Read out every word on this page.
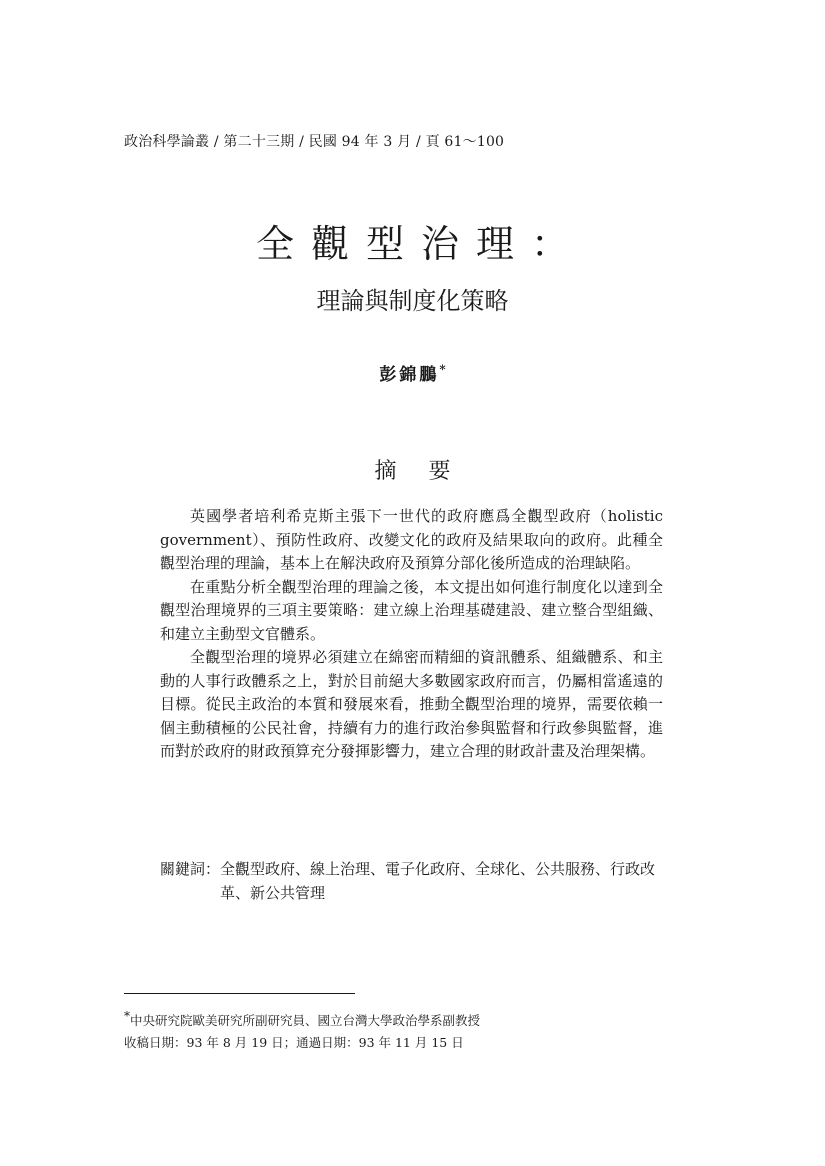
政治科學論叢 / 第二十三期 / 民國 94 年 3 月 / 頁 61～100
全觀型治理：
理論與制度化策略
彭錦鵬*
摘要

英國學者培利希克斯主張下一世代的政府應爲全觀型政府（holistic government）、預防性政府、改變文化的政府及結果取向的政府。此種全觀型治理的理論，基本上在解決政府及預算分部化後所造成的治理缺陷。

在重點分析全觀型治理的理論之後，本文提出如何進行制度化以達到全觀型治理境界的三項主要策略：建立線上治理基礎建設、建立整合型組織、和建立主動型文官體系。

全觀型治理的境界必須建立在綿密而精細的資訊體系、組織體系、和主動的人事行政體系之上，對於目前絕大多數國家政府而言，仍屬相當遙遠的目標。從民主政治的本質和發展來看，推動全觀型治理的境界，需要依賴一個主動積極的公民社會，持續有力的進行政治參與監督和行政參與監督，進而對於政府的財政預算充分發揮影響力，建立合理的財政計畫及治理架構。

關鍵詞： 全觀型政府、線上治理、電子化政府、全球化、公共服務、行政改革、新公共管理
*中央研究院歐美研究所副研究員、國立台灣大學政治學系副教授
收稿日期：93 年 8 月 19 日；通過日期：93 年 11 月 15 日
